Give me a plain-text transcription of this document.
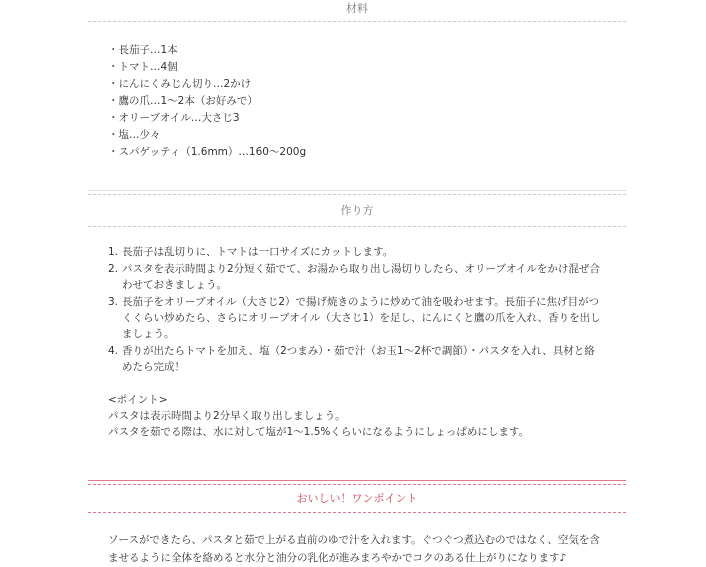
材料
・長茄子…1本
・トマト…4個
・にんにくみじん切り…2かけ
・鷹の爪…1〜2本（お好みで）
・オリーブオイル…大さじ3
・塩…少々
・スパゲッティ（1.6mm）…160〜200g
作り方
1. 長茄子は乱切りに、トマトは一口サイズにカットします。
2. パスタを表示時間より2分短く茹でて、お湯から取り出し湯切りしたら、オリーブオイルをかけ混ぜ合わせておきましょう。
3. 長茄子をオリーブオイル（大さじ2）で揚げ焼きのように炒めて油を吸わせます。長茄子に焦げ目がつくくらい炒めたら、さらにオリーブオイル（大さじ1）を足し、にんにくと鷹の爪を入れ、香りを出しましょう。
4. 香りが出たらトマトを加え、塩（2つまみ）・茹で汁（お玉1〜2杯で調節）・パスタを入れ、具材と絡めたら完成！

<ポイント>

パスタは表示時間より2分早く取り出しましょう。

パスタを茹でる際は、水に対して塩が1〜1.5%くらいになるようにしょっぱめにします。

おいしい！ワンポイント
ソースができたら、パスタと茹で上がる直前のゆで汁を入れます。ぐつぐつ煮込むのではなく、空気を含ませるように全体を絡めると水分と油分の乳化が進みまろやかでコクのある仕上がりになります♪
